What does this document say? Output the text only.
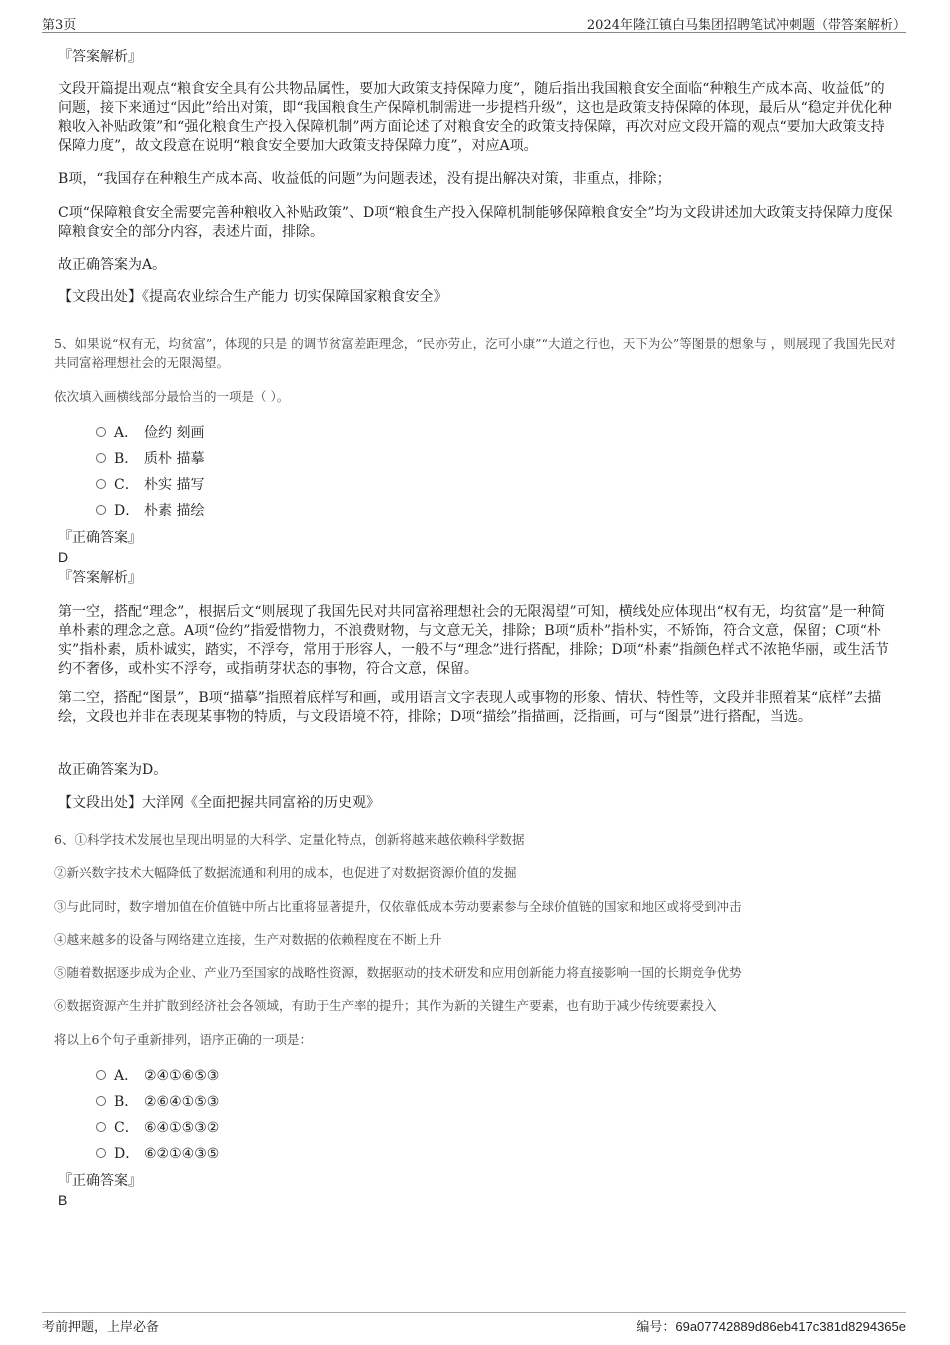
第3页	2024年隆江镇白马集团招聘笔试冲刺题（带答案解析）
『答案解析』
文段开篇提出观点“粮食安全具有公共物品属性，要加大政策支持保障力度”，随后指出我国粮食安全面临“种粮生产成本高、收益低”的问题，接下来通过“因此”给出对策，即“我国粮食生产保障机制需进一步提档升级”，这也是政策支持保障的体现，最后从“稳定并优化种粮收入补贴政策”和“强化粮食生产投入保障机制”两方面论述了对粮食安全的政策支持保障，再次对应文段开篇的观点“要加大政策支持保障力度”，故文段意在说明“粮食安全要加大政策支持保障力度”，对应A项。
B项，“我国存在种粮生产成本高、收益低的问题”为问题表述，没有提出解决对策，非重点，排除；
C项“保障粮食安全需要完善种粮收入补贴政策”、D项“粮食生产投入保障机制能够保障粮食安全”均为文段讲述加大政策支持保障力度保障粮食安全的部分内容，表述片面，排除。
故正确答案为A。
【文段出处】《提高农业综合生产能力 切实保障国家粮食安全》
5、如果说“权有无，均贫富”，体现的只是 的调节贫富差距理念，“民亦劳止，汔可小康”“大道之行也，天下为公”等图景的想象与 ，则展现了我国先民对共同富裕理想社会的无限渴望。
依次填入画横线部分最恰当的一项是（ ）。
A． 俭约 刻画
B． 质朴 描摹
C． 朴实 描写
D． 朴素 描绘
『正确答案』
D
『答案解析』
第一空，搭配“理念”，根据后文“则展现了我国先民对共同富裕理想社会的无限渴望”可知，横线处应体现出“权有无，均贫富”是一种简单朴素的理念之意。A项“俭约”指爱惜物力，不浪费财物，与文意无关，排除；B项“质朴”指朴实，不矫饰，符合文意，保留；C项“朴实”指朴素，质朴诚实，踏实，不浮夸，常用于形容人，一般不与“理念”进行搭配，排除；D项“朴素”指颜色样式不浓艳华丽，或生活节约不奢侈，或朴实不浮夸，或指萌芽状态的事物，符合文意，保留。
第二空，搭配“图景”，B项“描摹”指照着底样写和画，或用语言文字表现人或事物的形象、情状、特性等，文段并非照着某“底样”去描绘，文段也并非在表现某事物的特质，与文段语境不符，排除；D项“描绘”指描画，泛指画，可与“图景”进行搭配，当选。
故正确答案为D。
【文段出处】大洋网《全面把握共同富裕的历史观》
6、①科学技术发展也呈现出明显的大科学、定量化特点，创新将越来越依赖科学数据
②新兴数字技术大幅降低了数据流通和利用的成本，也促进了对数据资源价值的发掘
③与此同时，数字增加值在价值链中所占比重将显著提升，仅依靠低成本劳动要素参与全球价值链的国家和地区或将受到冲击
④越来越多的设备与网络建立连接，生产对数据的依赖程度在不断上升
⑤随着数据逐步成为企业、产业乃至国家的战略性资源，数据驱动的技术研发和应用创新能力将直接影响一国的长期竞争优势
⑥数据资源产生并扩散到经济社会各领域，有助于生产率的提升；其作为新的关键生产要素，也有助于减少传统要素投入
将以上6个句子重新排列，语序正确的一项是：
A． ②④①⑥⑤③
B． ②⑥④①⑤③
C． ⑥④①⑤③②
D． ⑥②①④③⑤
『正确答案』
B
考前押题，上岸必备	编号：69a07742889d86eb417c381d8294365e
